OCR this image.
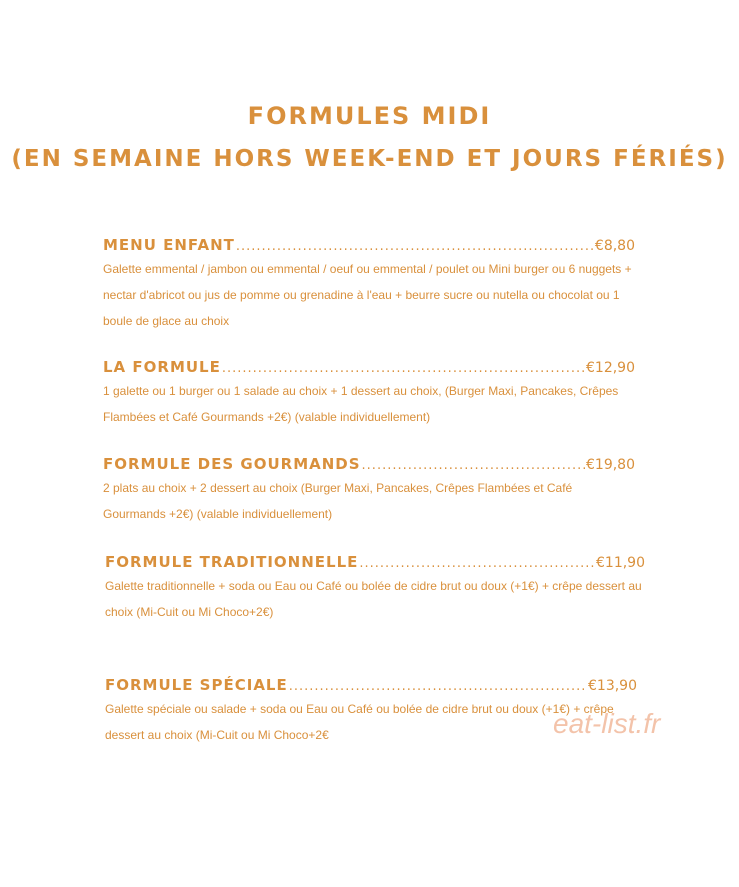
FORMULES MIDI
(EN SEMAINE HORS WEEK-END ET JOURS FÉRIÉS)
MENU ENFANT .....	€8,80
Galette emmental / jambon ou emmental / oeuf ou emmental / poulet ou Mini burger ou 6 nuggets + nectar d'abricot ou jus de pomme ou grenadine à l'eau + beurre sucre ou nutella ou chocolat ou 1 boule de glace au choix
LA FORMULE .....	€12,90
1 galette ou 1 burger ou 1 salade au choix + 1 dessert au choix, (Burger Maxi, Pancakes, Crêpes Flambées et Café Gourmands +2€) (valable individuellement)
FORMULE DES GOURMANDS .....	€19,80
2 plats au choix + 2 dessert au choix (Burger Maxi, Pancakes, Crêpes Flambées et Café Gourmands +2€) (valable individuellement)
FORMULE TRADITIONNELLE .....	€11,90
Galette traditionnelle + soda ou Eau ou Café ou bolée de cidre brut ou doux (+1€) + crêpe dessert au choix (Mi-Cuit ou Mi Choco+2€)
FORMULE SPÉCIALE .....	€13,90
Galette spéciale ou salade + soda ou Eau ou Café ou bolée de cidre brut ou doux (+1€) + crêpe dessert au choix (Mi-Cuit ou Mi Choco+2€	eat-list.fr
